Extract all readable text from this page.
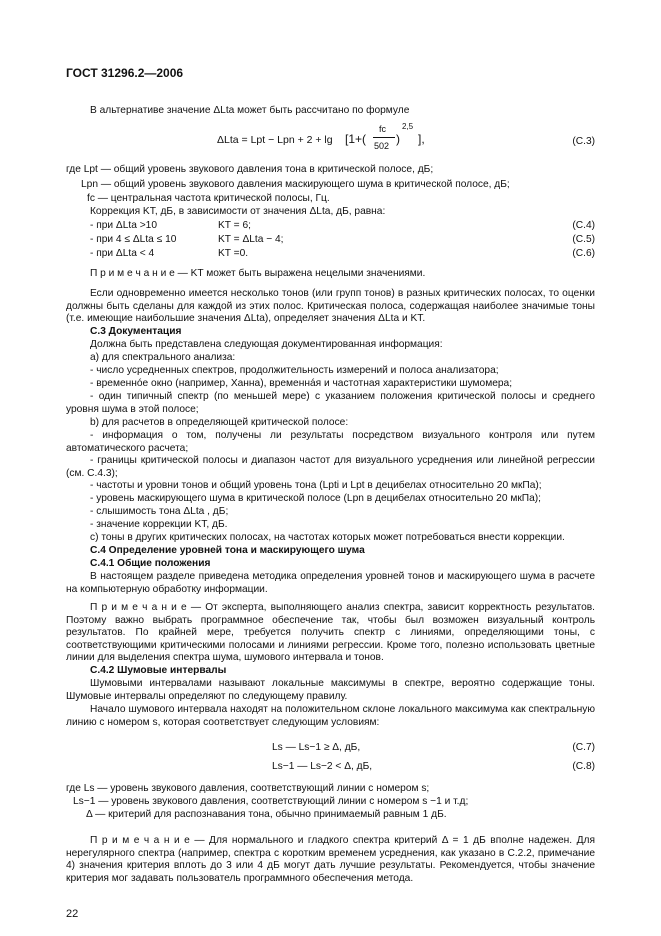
ГОСТ 31296.2—2006
В альтернативе значение ΔLta может быть рассчитано по формуле
ΔLta = Lpt − Lpn + 2 + lg [1+(
fc
502 )
2,5
],	(С.3)
где Lpt — общий уровень звукового давления тона в критической полосе, дБ;
Lpn — общий уровень звукового давления маскирующего шума в критической полосе, дБ;
fc — центральная частота критической полосы, Гц.
Коррекция KT, дБ, в зависимости от значения ΔLta, дБ, равна:
- при ΔLta >10	KT = 6;	(С.4)
- при 4 ≤ ΔLta ≤ 10	KT = ΔLta − 4;	(С.5)
- при ΔLta < 4	KT =0.	(С.6)
П р и м е ч а н и е — KT может быть выражена нецелыми значениями.
Если одновременно имеется несколько тонов (или групп тонов) в разных критических полосах, то оценки должны быть сделаны для каждой из этих полос. Критическая полоса, содержащая наиболее значимые тоны (т.е. имеющие наибольшие значения ΔLta), определяет значения ΔLta и KT.
С.3 Документация
Должна быть представлена следующая документированная информация:
а) для спектрального анализа:
- число усредненных спектров, продолжительность измерений и полоса анализатора;
- временнóе окно (например, Ханна), временнáя и частотная характеристики шумомера;
- один типичный спектр (по меньшей мере) с указанием положения критической полосы и среднего уровня шума в этой полосе;
b) для расчетов в определяющей критической полосе:
- информация о том, получены ли результаты посредством визуального контроля или путем автоматического расчета;
- границы критической полосы и диапазон частот для визуального усреднения или линейной регрессии (см. С.4.3);
- частоты и уровни тонов и общий уровень тона (Lpti и Lpt в децибелах относительно 20 мкПа);
- уровень маскирующего шума в критической полосе (Lpn в децибелах относительно 20 мкПа);
- слышимость тона ΔLta , дБ;
- значение коррекции KT, дБ.
с) тоны в других критических полосах, на частотах которых может потребоваться внести коррекции.
С.4 Определение уровней тона и маскирующего шума
С.4.1 Общие положения
В настоящем разделе приведена методика определения уровней тонов и маскирующего шума в расчете на компьютерную обработку информации.
П р и м е ч а н и е — От эксперта, выполняющего анализ спектра, зависит корректность результатов. Поэтому важно выбрать программное обеспечение так, чтобы был возможен визуальный контроль результатов. По крайней мере, требуется получить спектр с линиями, определяющими тоны, с соответствующими критическими полосами и линиями регрессии. Кроме того, полезно использовать цветные линии для выделения спектра шума, шумового интервала и тонов.
С.4.2 Шумовые интервалы
Шумовыми интервалами называют локальные максимумы в спектре, вероятно содержащие тоны. Шумовые интервалы определяют по следующему правилу.
Начало шумового интервала находят на положительном склоне локального максимума как спектральную линию с номером s, которая соответствует следующим условиям:
Ls — Ls−1 ≥ Δ, дБ,	(С.7)
Ls−1 — Ls−2 < Δ, дБ,	(С.8)
где Ls — уровень звукового давления, соответствующий линии с номером s;
Ls−1 — уровень звукового давления, соответствующий линии с номером s −1 и т.д;
Δ — критерий для распознавания тона, обычно принимаемый равным 1 дБ.
П р и м е ч а н и е — Для нормального и гладкого спектра критерий Δ = 1 дБ вполне надежен. Для нерегулярного спектра (например, спектра с коротким временем усреднения, как указано в С.2.2, примечание 4) значения критерия вплоть до 3 или 4 дБ могут дать лучшие результаты. Рекомендуется, чтобы значение критерия мог задавать пользователь программного обеспечения метода.
22
